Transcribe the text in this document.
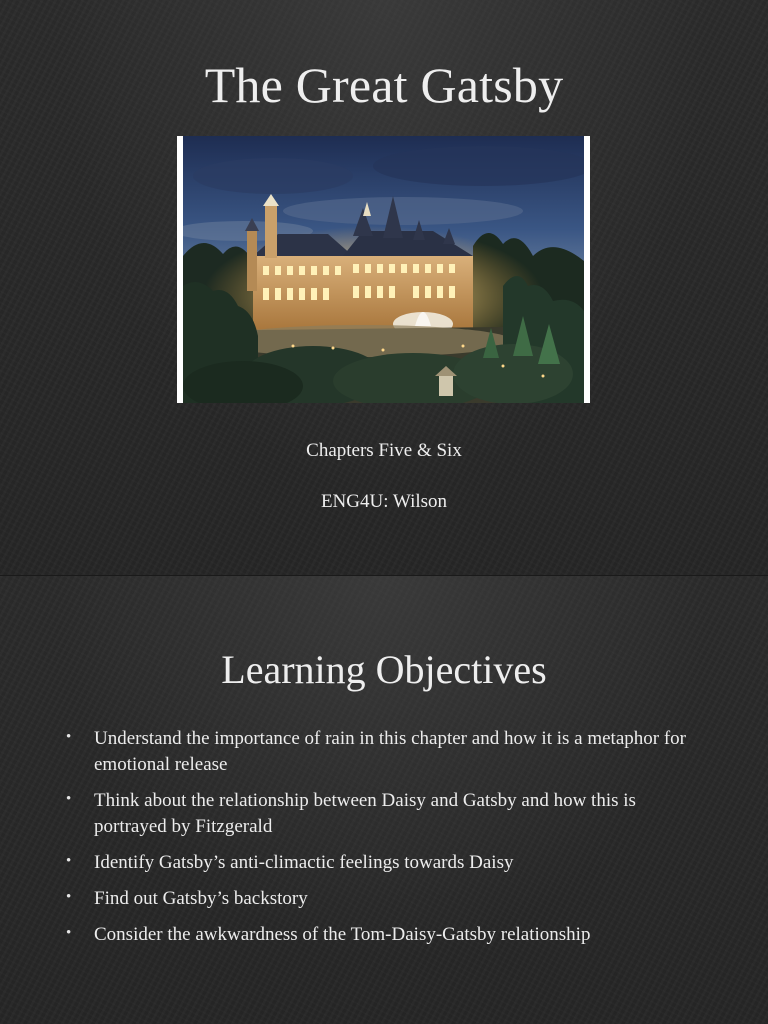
The Great Gatsby
Chapters Five & Six
ENG4U: Wilson
Learning Objectives
• Understand the importance of rain in this chapter and how it is a metaphor for emotional release
• Think about the relationship between Daisy and Gatsby and how this is portrayed by Fitzgerald
• Identify Gatsby’s anti-climactic feelings towards Daisy
• Find out Gatsby’s backstory
• Consider the awkwardness of the Tom-Daisy-Gatsby relationship
